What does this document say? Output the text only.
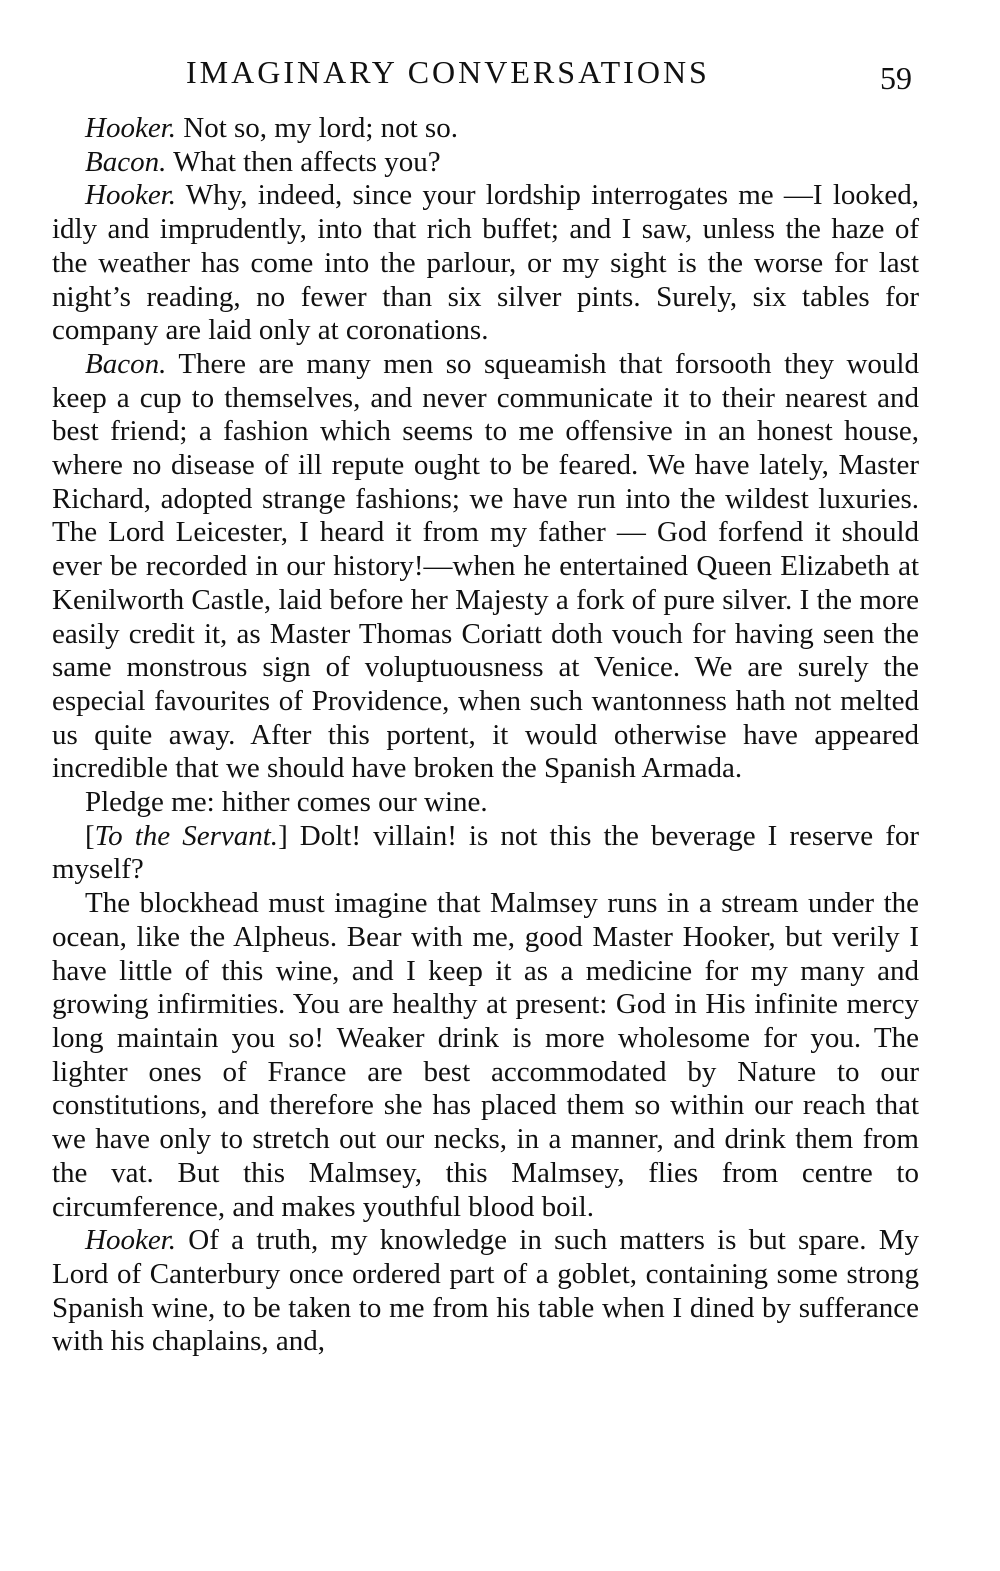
IMAGINARY CONVERSATIONS	59

Hooker. Not so, my lord; not so.

Bacon. What then affects you?

Hooker. Why, indeed, since your lordship interrogates me —I looked, idly and imprudently, into that rich buffet; and I saw, unless the haze of the weather has come into the parlour, or my sight is the worse for last night’s reading, no fewer than six silver pints. Surely, six tables for company are laid only at coronations.

Bacon. There are many men so squeamish that forsooth they would keep a cup to themselves, and never communicate it to their nearest and best friend; a fashion which seems to me offensive in an honest house, where no disease of ill repute ought to be feared. We have lately, Master Richard, adopted strange fashions; we have run into the wildest luxuries. The Lord Leicester, I heard it from my father — God forfend it should ever be recorded in our history!—when he entertained Queen Elizabeth at Kenilworth Castle, laid before her Majesty a fork of pure silver. I the more easily credit it, as Master Thomas Coriatt doth vouch for having seen the same monstrous sign of voluptuousness at Venice. We are surely the especial favourites of Providence, when such wantonness hath not melted us quite away. After this portent, it would otherwise have appeared incredible that we should have broken the Spanish Armada.

Pledge me: hither comes our wine.

[To the Servant.] Dolt! villain! is not this the beverage I reserve for myself?

The blockhead must imagine that Malmsey runs in a stream under the ocean, like the Alpheus. Bear with me, good Master Hooker, but verily I have little of this wine, and I keep it as a medicine for my many and growing infirmities. You are healthy at present: God in His infinite mercy long maintain you so! Weaker drink is more wholesome for you. The lighter ones of France are best accommodated by Nature to our constitutions, and therefore she has placed them so within our reach that we have only to stretch out our necks, in a manner, and drink them from the vat. But this Malmsey, this Malmsey, flies from centre to circumference, and makes youthful blood boil.

Hooker. Of a truth, my knowledge in such matters is but spare. My Lord of Canterbury once ordered part of a goblet, containing some strong Spanish wine, to be taken to me from his table when I dined by sufferance with his chaplains, and,
